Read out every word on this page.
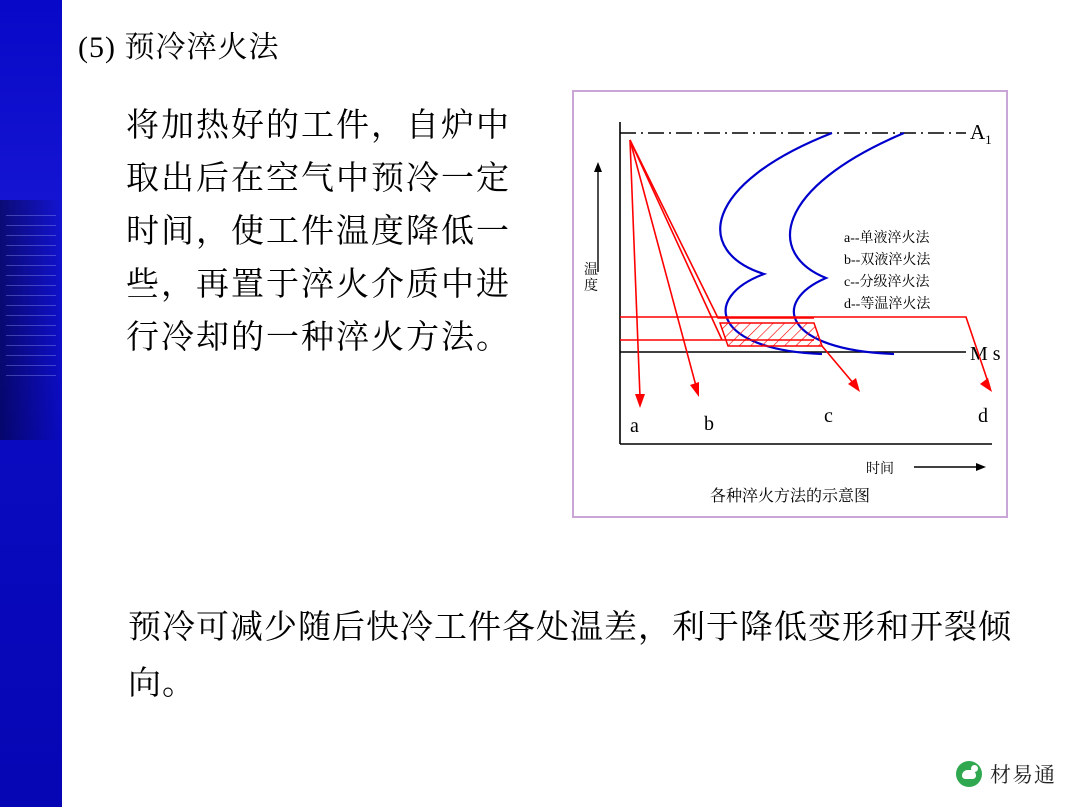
(5) 预冷淬火法
将加热好的工件，自炉中取出后在空气中预冷一定时间，使工件温度降低一些，再置于淬火介质中进行冷却的一种淬火方法。
温度
时间
$A_1$
M s
a	b	c	d
a--单液淬火法
b--双液淬火法
c--分级淬火法
d--等温淬火法
各种淬火方法的示意图
预冷可减少随后快冷工件各处温差，利于降低变形和开裂倾向。
材易通
